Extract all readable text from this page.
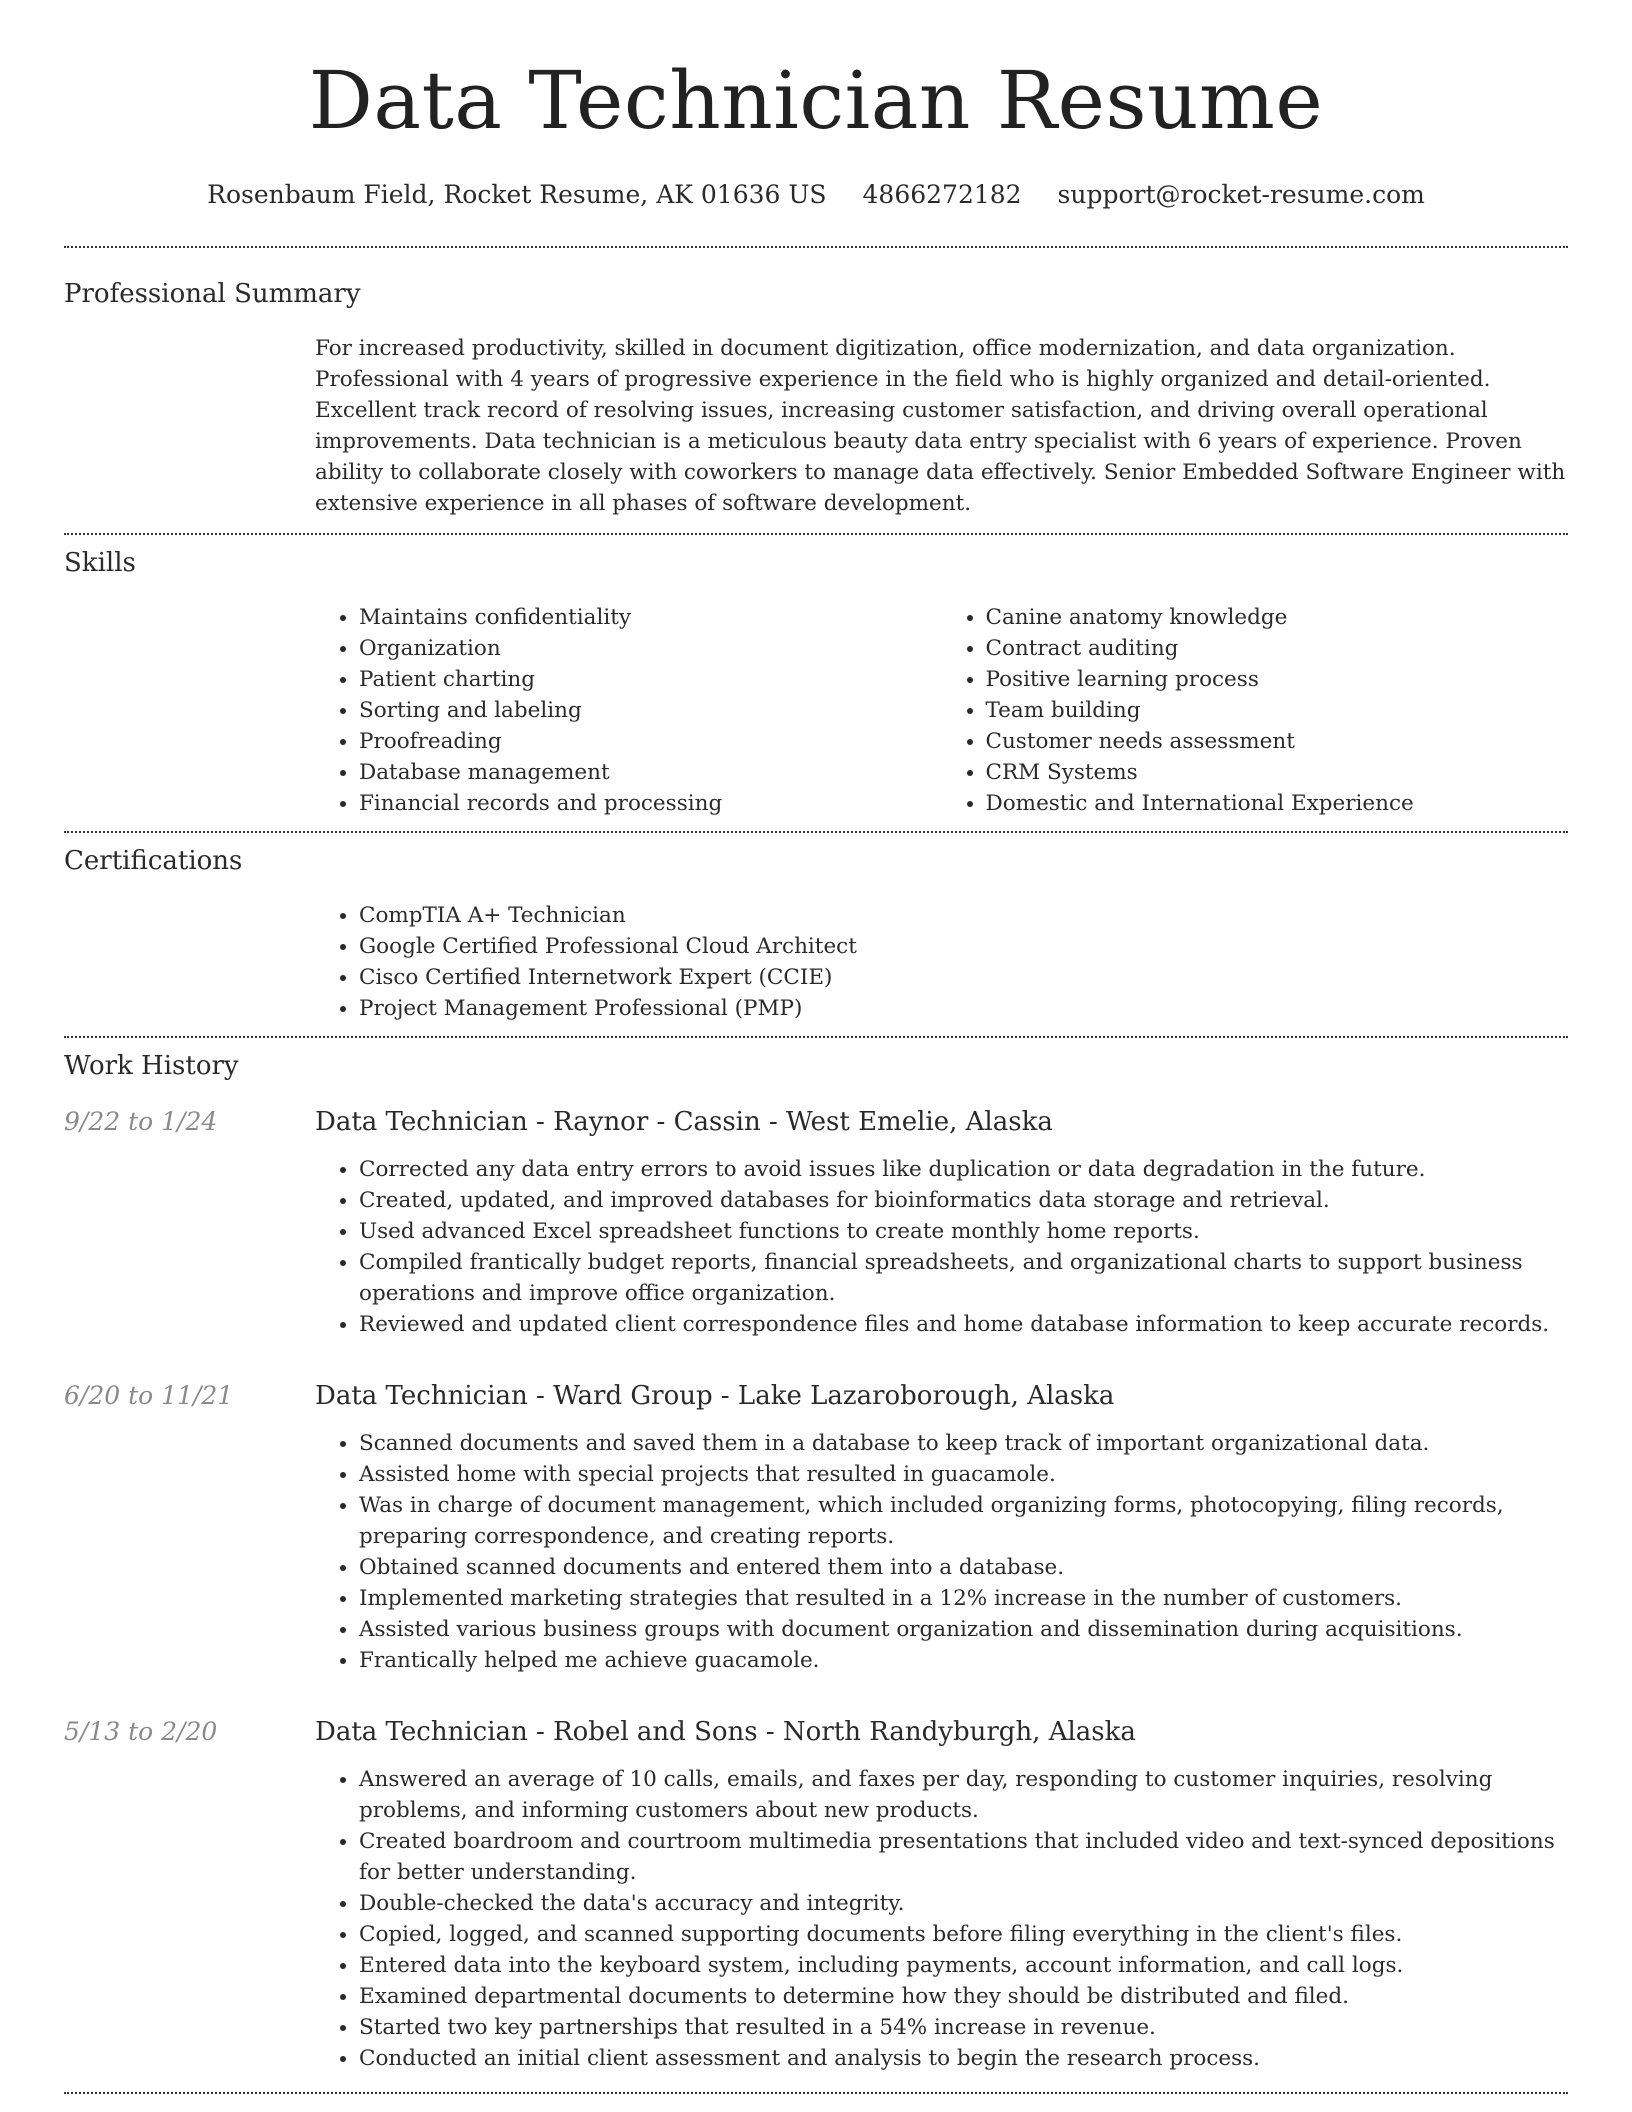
Data Technician Resume
Rosenbaum Field, Rocket Resume, AK 01636 US 4866272182 support@rocket-resume.com
Professional Summary

For increased productivity, skilled in document digitization, office modernization, and data organization. Professional with 4 years of progressive experience in the field who is highly organized and detail-oriented. Excellent track record of resolving issues, increasing customer satisfaction, and driving overall operational improvements. Data technician is a meticulous beauty data entry specialist with 6 years of experience. Proven ability to collaborate closely with coworkers to manage data effectively. Senior Embedded Software Engineer with extensive experience in all phases of software development.

Skills
• Maintains confidentiality
• Organization
• Patient charting
• Sorting and labeling
• Proofreading
• Database management
• Financial records and processing
• Canine anatomy knowledge
• Contract auditing
• Positive learning process
• Team building
• Customer needs assessment
• CRM Systems
• Domestic and International Experience
Certifications
• CompTIA A+ Technician
• Google Certified Professional Cloud Architect
• Cisco Certified Internetwork Expert (CCIE)
• Project Management Professional (PMP)
Work History
9/22 to 1/24	Data Technician - Raynor - Cassin - West Emelie, Alaska
• Corrected any data entry errors to avoid issues like duplication or data degradation in the future.
• Created, updated, and improved databases for bioinformatics data storage and retrieval.
• Used advanced Excel spreadsheet functions to create monthly home reports.
• Compiled frantically budget reports, financial spreadsheets, and organizational charts to support business operations and improve office organization.
• Reviewed and updated client correspondence files and home database information to keep accurate records.
6/20 to 11/21	Data Technician - Ward Group - Lake Lazaroborough, Alaska
• Scanned documents and saved them in a database to keep track of important organizational data.
• Assisted home with special projects that resulted in guacamole.
• Was in charge of document management, which included organizing forms, photocopying, filing records, preparing correspondence, and creating reports.
• Obtained scanned documents and entered them into a database.
• Implemented marketing strategies that resulted in a 12% increase in the number of customers.
• Assisted various business groups with document organization and dissemination during acquisitions.
• Frantically helped me achieve guacamole.
5/13 to 2/20	Data Technician - Robel and Sons - North Randyburgh, Alaska
• Answered an average of 10 calls, emails, and faxes per day, responding to customer inquiries, resolving problems, and informing customers about new products.
• Created boardroom and courtroom multimedia presentations that included video and text-synced depositions for better understanding.
• Double-checked the data's accuracy and integrity.
• Copied, logged, and scanned supporting documents before filing everything in the client's files.
• Entered data into the keyboard system, including payments, account information, and call logs.
• Examined departmental documents to determine how they should be distributed and filed.
• Started two key partnerships that resulted in a 54% increase in revenue.
• Conducted an initial client assessment and analysis to begin the research process.
